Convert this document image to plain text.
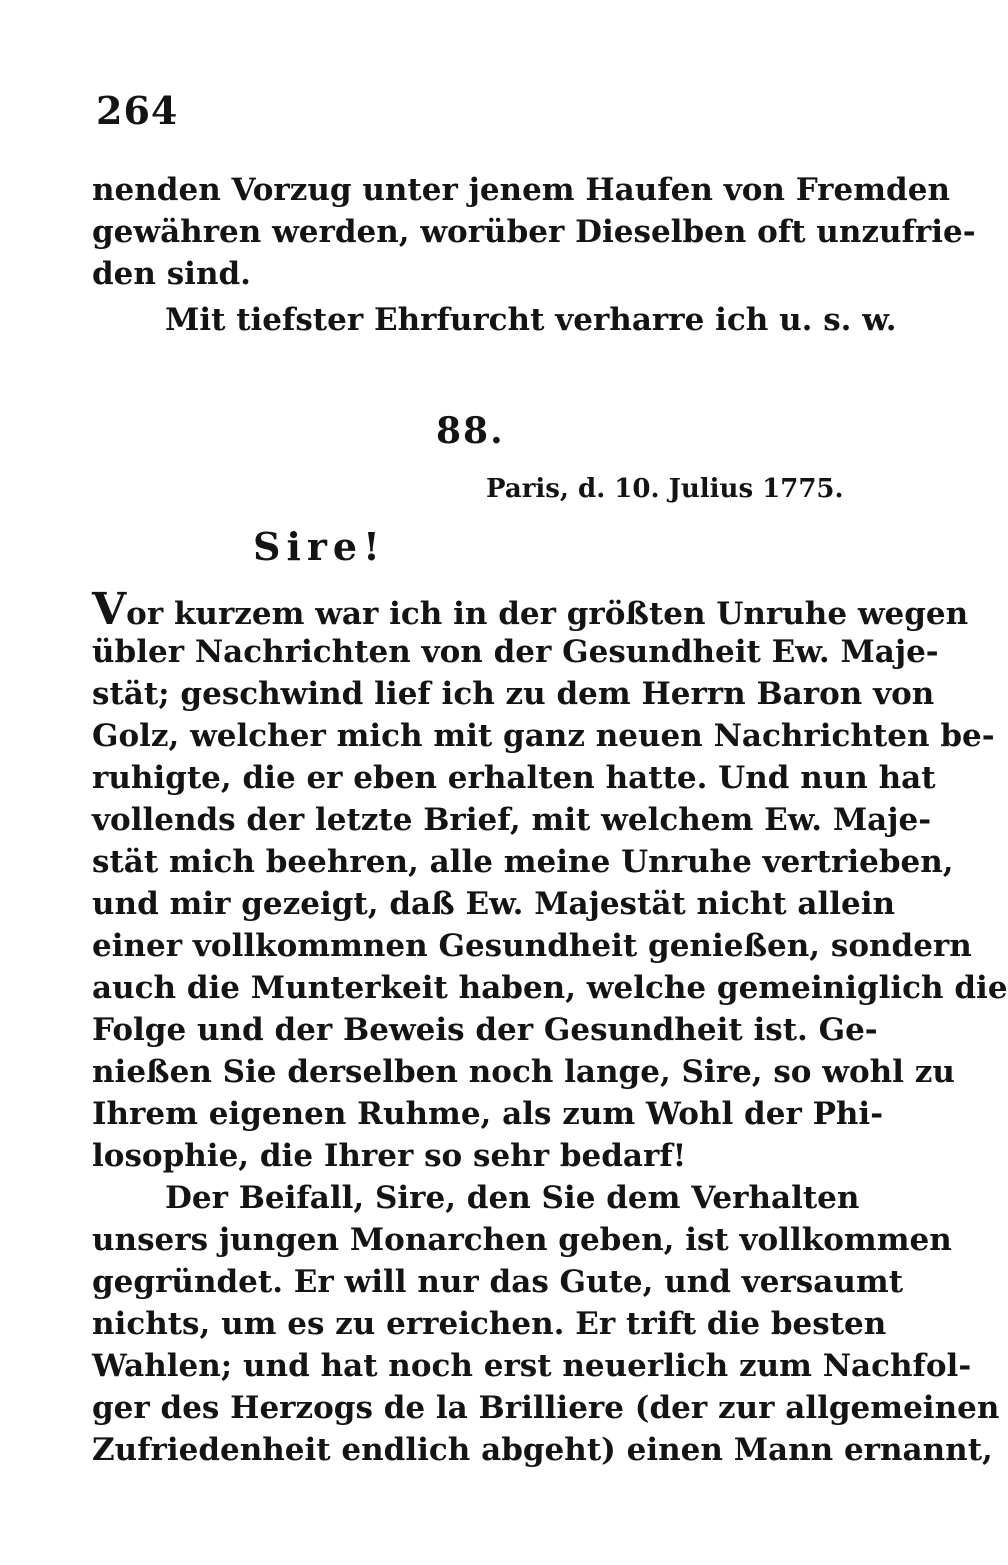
264
nenden Vorzug unter jenem Haufen von Fremden
gewähren werden, worüber Dieselben oft unzufrie-
den sind.
Mit tiefster Ehrfurcht verharre ich u. s. w.
88.
Paris, d. 10. Julius 1775.
Sire!
Vor kurzem war ich in der größten Unruhe wegen
übler Nachrichten von der Gesundheit Ew. Maje-
stät; geschwind lief ich zu dem Herrn Baron von
Golz, welcher mich mit ganz neuen Nachrichten be-
ruhigte, die er eben erhalten hatte. Und nun hat
vollends der letzte Brief, mit welchem Ew. Maje-
stät mich beehren, alle meine Unruhe vertrieben,
und mir gezeigt, daß Ew. Majestät nicht allein
einer vollkommnen Gesundheit genießen, sondern
auch die Munterkeit haben, welche gemeiniglich die
Folge und der Beweis der Gesundheit ist. Ge-
nießen Sie derselben noch lange, Sire, so wohl zu
Ihrem eigenen Ruhme, als zum Wohl der Phi-
losophie, die Ihrer so sehr bedarf!
Der Beifall, Sire, den Sie dem Verhalten
unsers jungen Monarchen geben, ist vollkommen
gegründet. Er will nur das Gute, und versaumt
nichts, um es zu erreichen. Er trift die besten
Wahlen; und hat noch erst neuerlich zum Nachfol-
ger des Herzogs de la Brilliere (der zur allgemeinen
Zufriedenheit endlich abgeht) einen Mann ernannt,
